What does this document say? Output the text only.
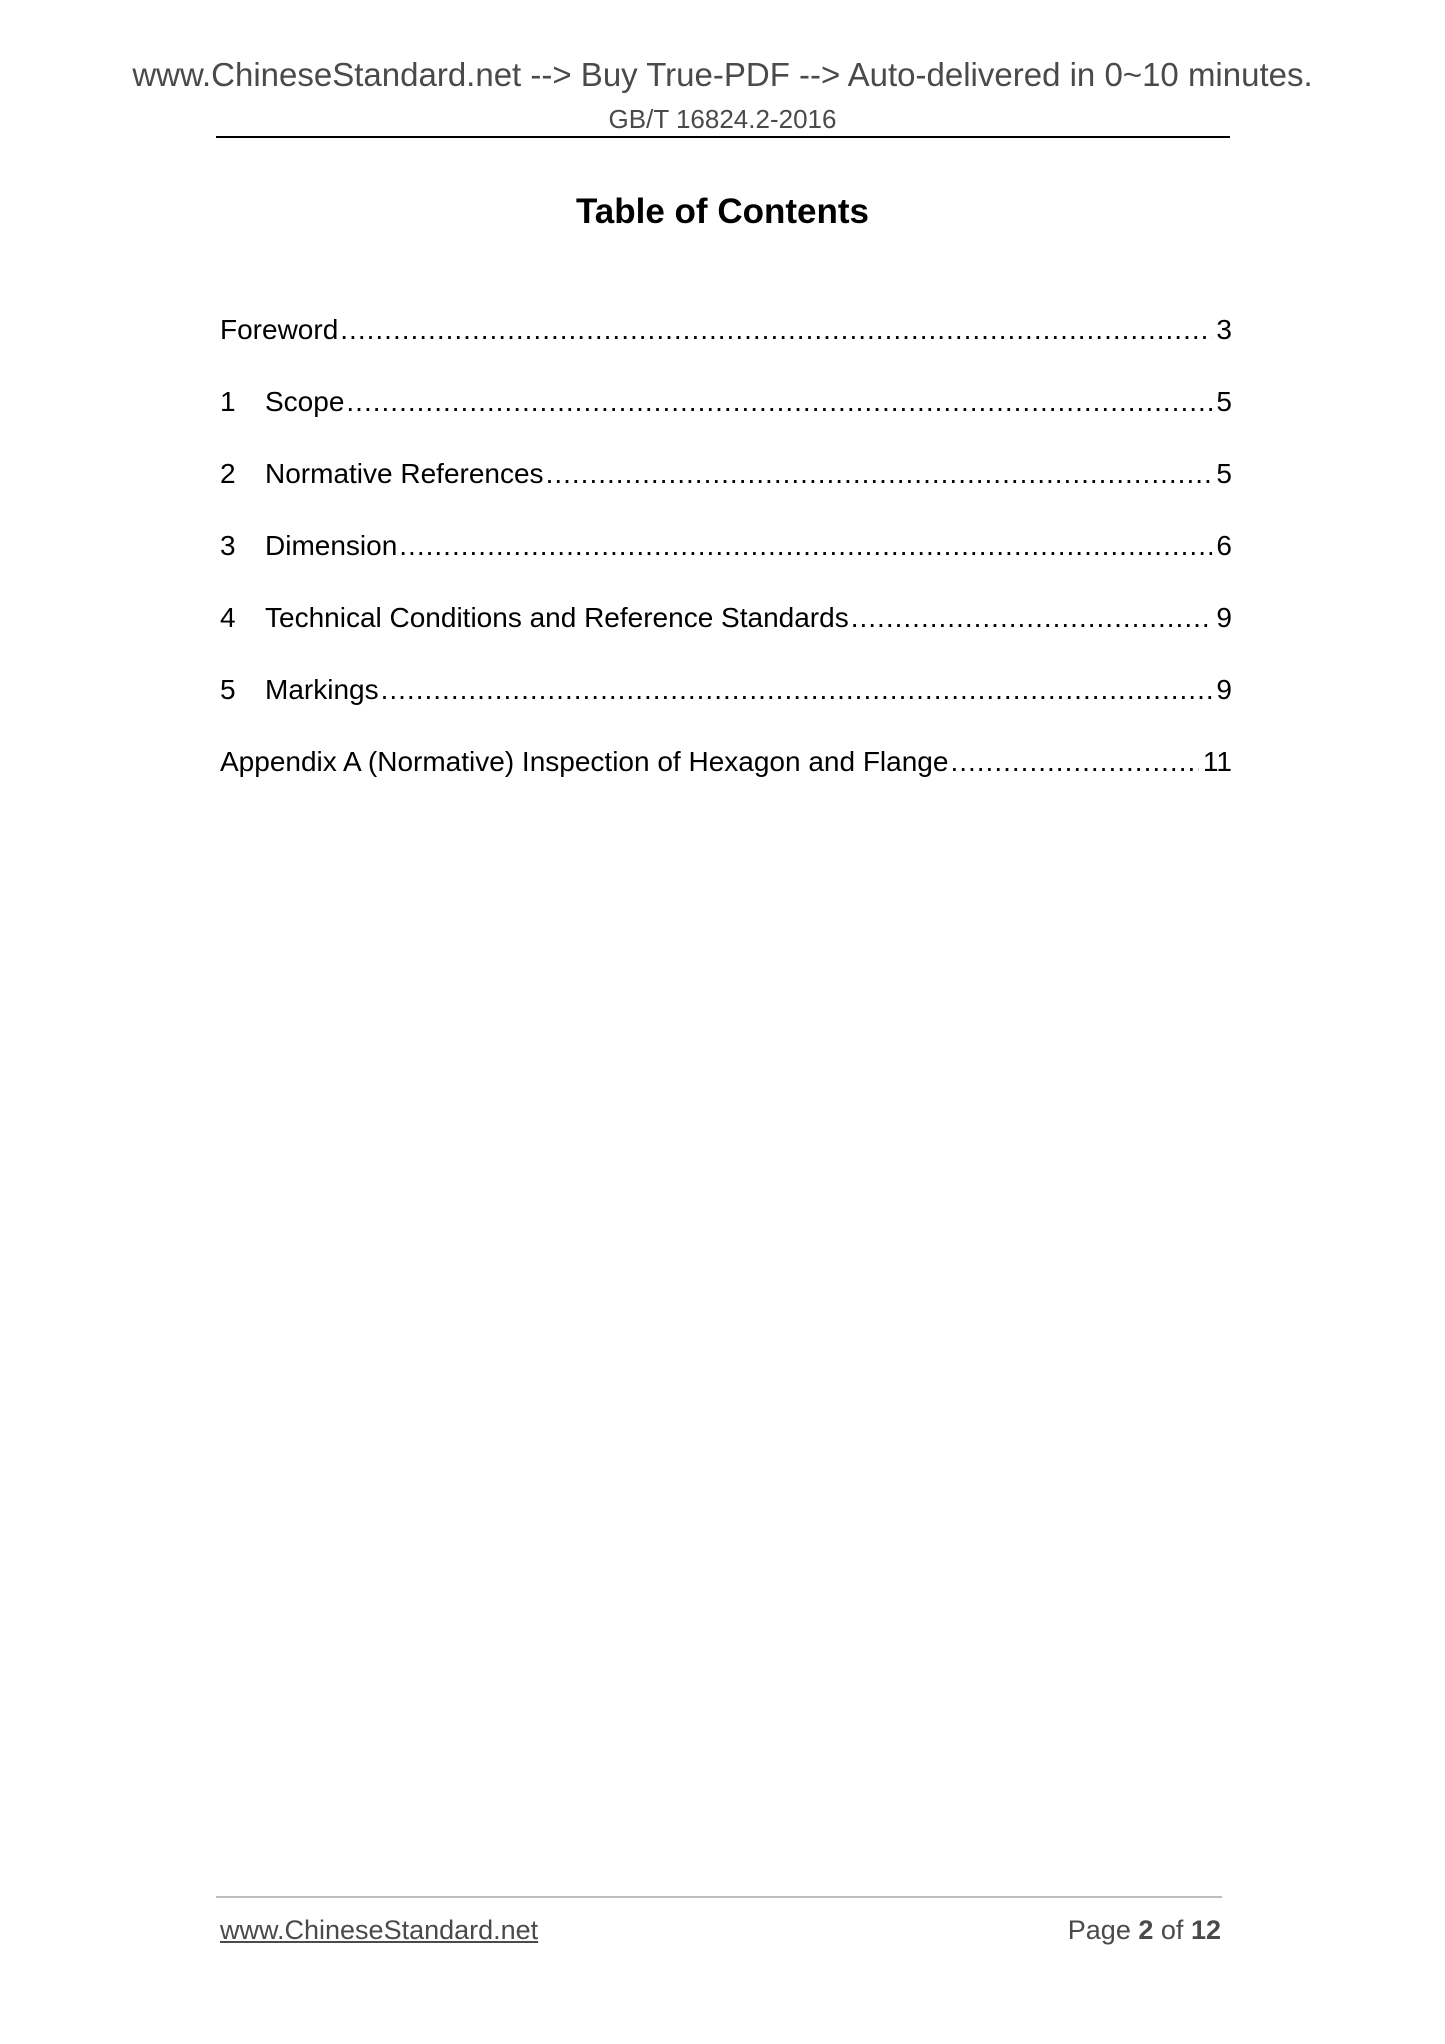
www.ChineseStandard.net --> Buy True-PDF --> Auto-delivered in 0~10 minutes.
GB/T 16824.2-2016
Table of Contents
Foreword .....	3
1	Scope .....	5
2	Normative References .....	5
3	Dimension .....	6
4	Technical Conditions and Reference Standards .....	9
5	Markings .....	9
Appendix A (Normative) Inspection of Hexagon and Flange .....	11
www.ChineseStandard.net	Page 2 of 12
